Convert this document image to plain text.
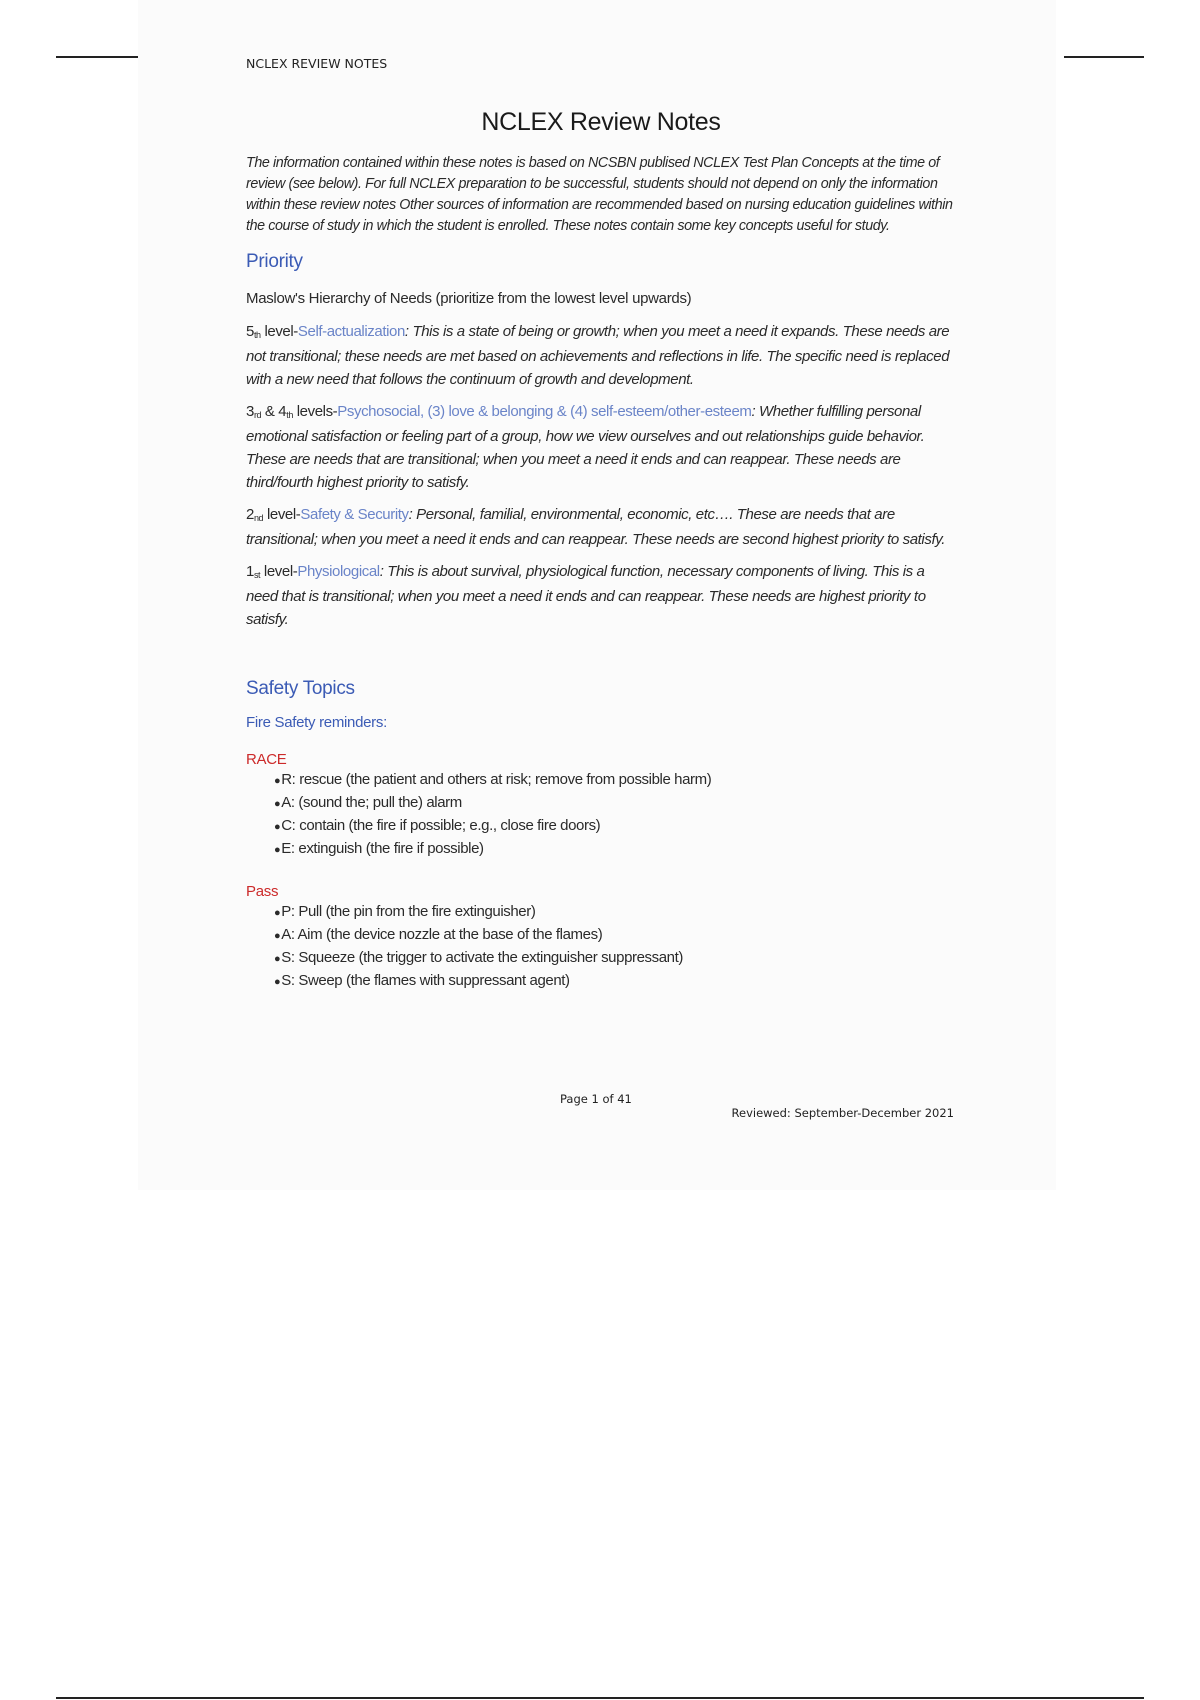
NCLEX REVIEW NOTES
NCLEX Review Notes

The information contained within these notes is based on NCSBN publised NCLEX Test Plan Concepts at the time of review (see below). For full NCLEX preparation to be successful, students should not depend on only the information within these review notes Other sources of information are recommended based on nursing education guidelines within the course of study in which the student is enrolled. These notes contain some key concepts useful for study.

Priority

Maslow's Hierarchy of Needs (prioritize from the lowest level upwards)

5th level-Self-actualization: This is a state of being or growth; when you meet a need it expands. These needs are not transitional; these needs are met based on achievements and reflections in life. The specific need is replaced with a new need that follows the continuum of growth and development.

3rd & 4th levels-Psychosocial, (3) love & belonging & (4) self-esteem/other-esteem: Whether fulfilling personal emotional satisfaction or feeling part of a group, how we view ourselves and out relationships guide behavior. These are needs that are transitional; when you meet a need it ends and can reappear. These needs are third/fourth highest priority to satisfy.

2nd level-Safety & Security: Personal, familial, environmental, economic, etc…. These are needs that are transitional; when you meet a need it ends and can reappear. These needs are second highest priority to satisfy.

1st level-Physiological: This is about survival, physiological function, necessary components of living. This is a need that is transitional; when you meet a need it ends and can reappear. These needs are highest priority to satisfy.

Safety Topics
Fire Safety reminders:
RACE
●R: rescue (the patient and others at risk; remove from possible harm)
●A: (sound the; pull the) alarm
●C: contain (the fire if possible; e.g., close fire doors)
●E: extinguish (the fire if possible)
Pass
●P: Pull (the pin from the fire extinguisher)
●A: Aim (the device nozzle at the base of the flames)
●S: Squeeze (the trigger to activate the extinguisher suppressant)
●S: Sweep (the flames with suppressant agent)
Page 1 of 41
Reviewed: September-December 2021
